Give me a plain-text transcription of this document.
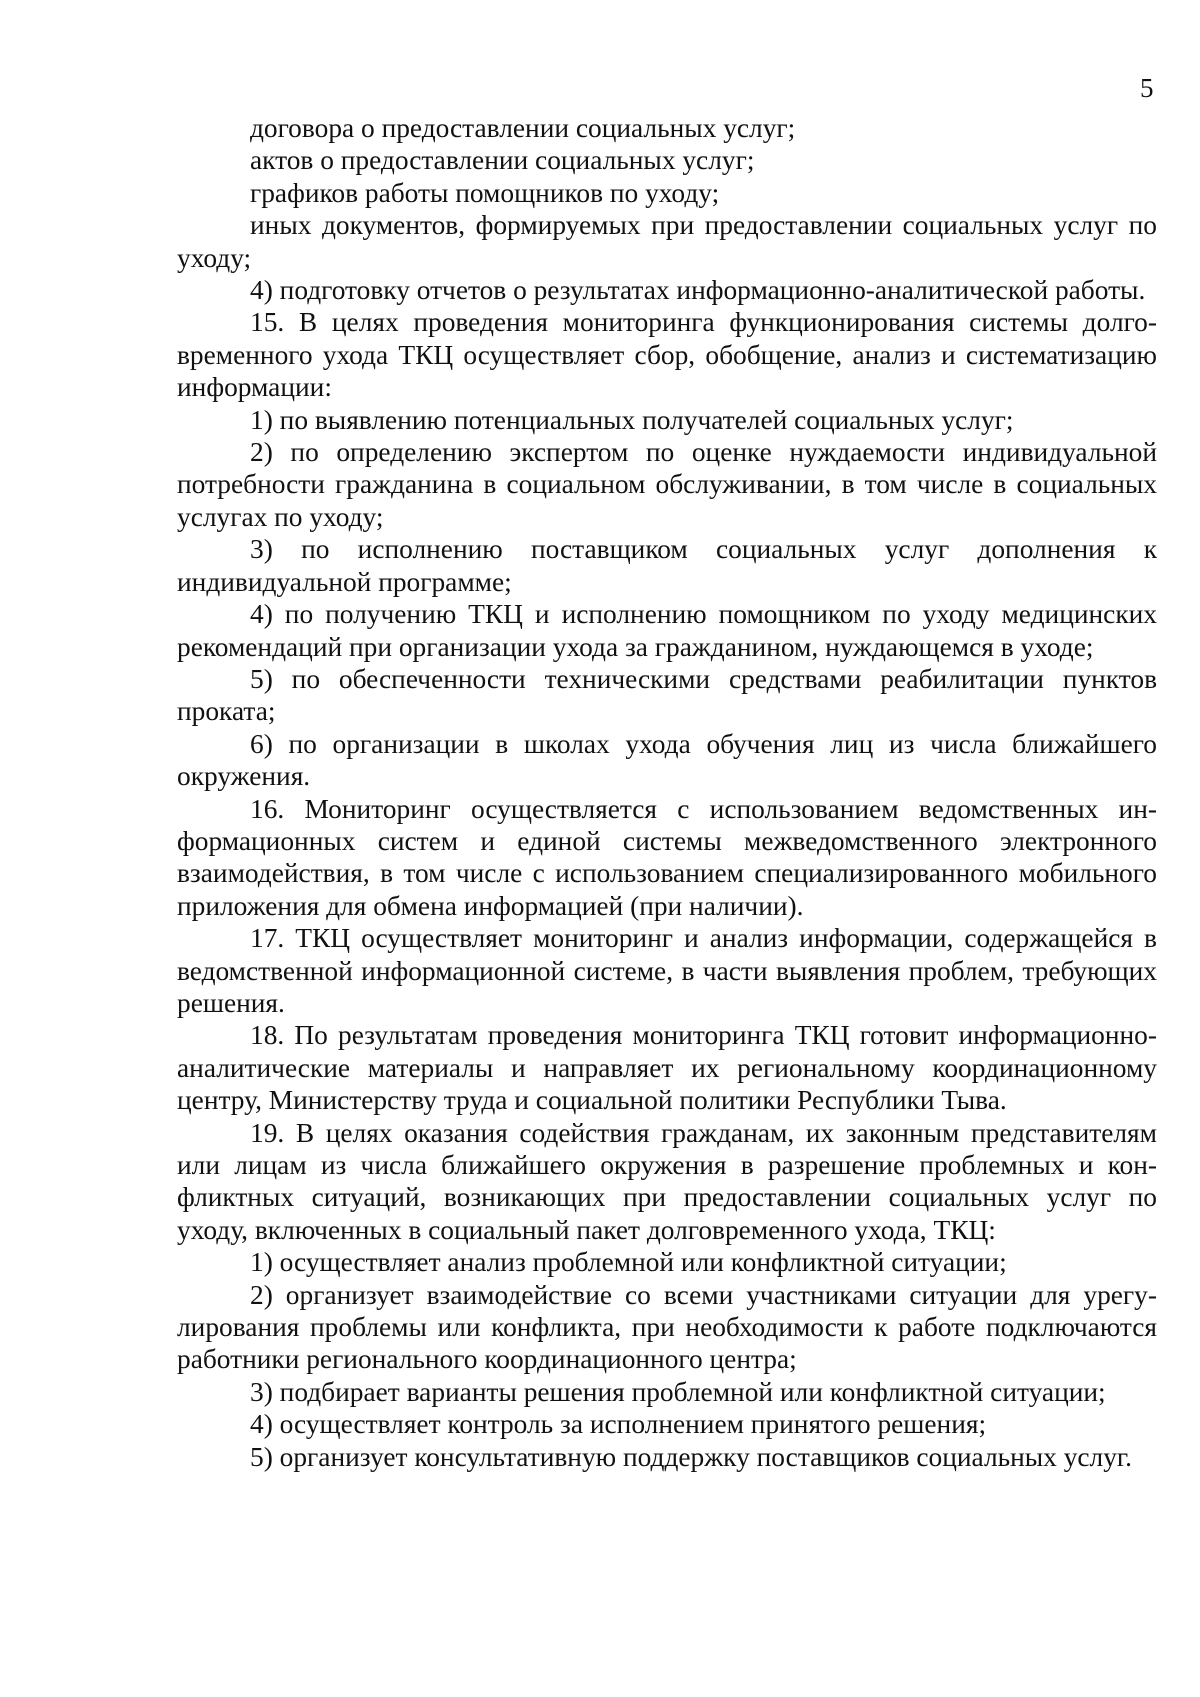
5

договора о предоставлении социальных услуг;

актов о предоставлении социальных услуг;

графиков работы помощников по уходу;

иных документов, формируемых при предоставлении социальных услуг по уходу;

4) подготовку отчетов о результатах информационно-аналитической работы.

15. В целях проведения мониторинга функционирования системы долговременного ухода ТКЦ осуществляет сбор, обобщение, анализ и систематизацию информации:

1) по выявлению потенциальных получателей социальных услуг;

2) по определению экспертом по оценке нуждаемости индивидуальной потребности гражданина в социальном обслуживании, в том числе в социальных услугах по уходу;

3) по исполнению поставщиком социальных услуг дополнения к индивидуальной программе;

4) по получению ТКЦ и исполнению помощником по уходу медицинских рекомендаций при организации ухода за гражданином, нуждающемся в уходе;

5) по обеспеченности техническими средствами реабилитации пунктов проката;

6) по организации в школах ухода обучения лиц из числа ближайшего окружения.

16. Мониторинг осуществляется с использованием ведомственных информационных систем и единой системы межведомственного электронного взаимодействия, в том числе с использованием специализированного мобильного приложения для обмена информацией (при наличии).

17. ТКЦ осуществляет мониторинг и анализ информации, содержащейся в ведомственной информационной системе, в части выявления проблем, требующих решения.

18. По результатам проведения мониторинга ТКЦ готовит информационно-аналитические материалы и направляет их региональному координационному центру, Министерству труда и социальной политики Республики Тыва.

19. В целях оказания содействия гражданам, их законным представителям или лицам из числа ближайшего окружения в разрешение проблемных и конфликтных ситуаций, возникающих при предоставлении социальных услуг по уходу, включенных в социальный пакет долговременного ухода, ТКЦ:

1) осуществляет анализ проблемной или конфликтной ситуации;

2) организует взаимодействие со всеми участниками ситуации для урегулирования проблемы или конфликта, при необходимости к работе подключаются работники регионального координационного центра;

3) подбирает варианты решения проблемной или конфликтной ситуации;

4) осуществляет контроль за исполнением принятого решения;

5) организует консультативную поддержку поставщиков социальных услуг.
